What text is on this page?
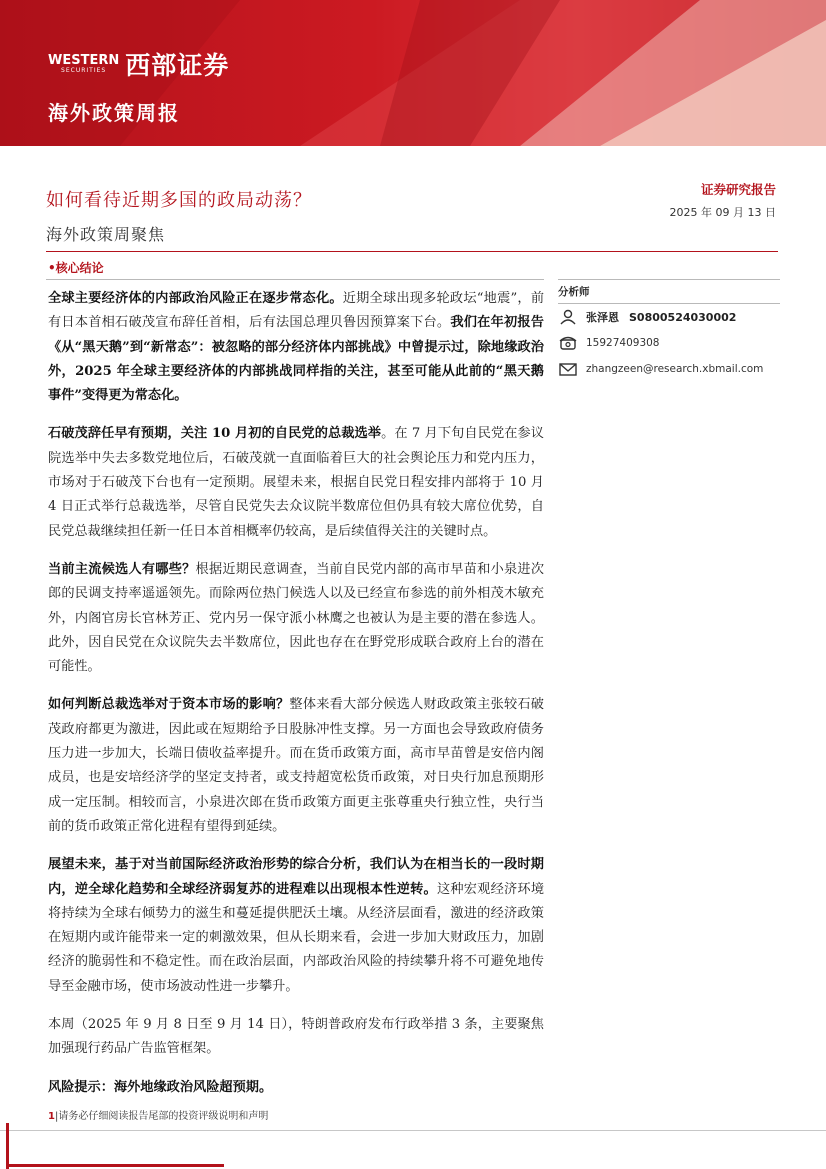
WESTERN
SECURITIES 西部证券
海外政策周报
如何看待近期多国的政局动荡？
海外政策周聚焦
证券研究报告
2025 年 09 月 13 日
•核心结论

全球主要经济体的内部政治风险正在逐步常态化。近期全球出现多轮政坛“地震”，前有日本首相石破茂宣布辞任首相，后有法国总理贝鲁因预算案下台。我们在年初报告《从“黑天鹅”到“新常态”：被忽略的部分经济体内部挑战》中曾提示过，除地缘政治外，2025 年全球主要经济体的内部挑战同样指的关注，甚至可能从此前的“黑天鹅事件”变得更为常态化。

石破茂辞任早有预期，关注 10 月初的自民党的总裁选举。在 7 月下旬自民党在参议院选举中失去多数党地位后，石破茂就一直面临着巨大的社会舆论压力和党内压力，市场对于石破茂下台也有一定预期。展望未来，根据自民党日程安排内部将于 10 月 4 日正式举行总裁选举，尽管自民党失去众议院半数席位但仍具有较大席位优势，自民党总裁继续担任新一任日本首相概率仍较高，是后续值得关注的关键时点。

当前主流候选人有哪些？根据近期民意调查，当前自民党内部的高市早苗和小泉进次郎的民调支持率遥遥领先。而除两位热门候选人以及已经宣布参选的前外相茂木敏充外，内阁官房长官林芳正、党内另一保守派小林鹰之也被认为是主要的潜在参选人。此外，因自民党在众议院失去半数席位，因此也存在在野党形成联合政府上台的潜在可能性。

如何判断总裁选举对于资本市场的影响？整体来看大部分候选人财政政策主张较石破茂政府都更为激进，因此或在短期给予日股脉冲性支撑。另一方面也会导致政府债务压力进一步加大，长端日债收益率提升。而在货币政策方面，高市早苗曾是安倍内阁成员，也是安培经济学的坚定支持者，或支持超宽松货币政策，对日央行加息预期形成一定压制。相较而言，小泉进次郎在货币政策方面更主张尊重央行独立性，央行当前的货币政策正常化进程有望得到延续。

展望未来，基于对当前国际经济政治形势的综合分析，我们认为在相当长的一段时期内，逆全球化趋势和全球经济弱复苏的进程难以出现根本性逆转。这种宏观经济环境将持续为全球右倾势力的滋生和蔓延提供肥沃土壤。从经济层面看，激进的经济政策在短期内或许能带来一定的刺激效果，但从长期来看，会进一步加大财政压力，加剧经济的脆弱性和不稳定性。而在政治层面，内部政治风险的持续攀升将不可避免地传导至金融市场，使市场波动性进一步攀升。

本周（2025 年 9 月 8 日至 9 月 14 日），特朗普政府发布行政举措 3 条，主要聚焦加强现行药品广告监管框架。

风险提示：海外地缘政治风险超预期。

分析师
张泽恩 S0800524030002
15927409308
zhangzeen@research.xbmail.com
1|请务必仔细阅读报告尾部的投资评级说明和声明
